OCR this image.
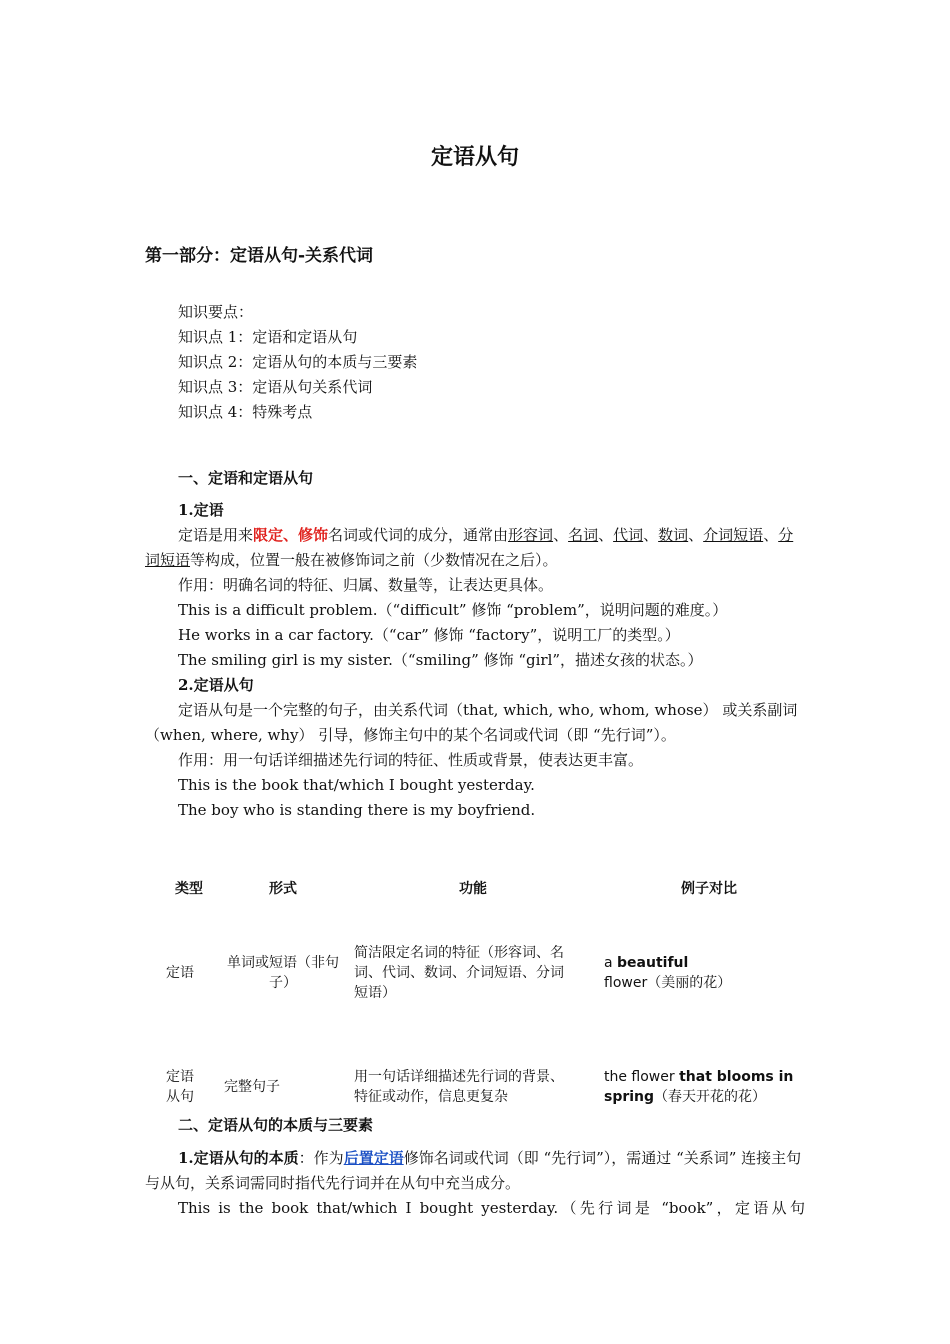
定语从句
第一部分：定语从句-关系代词
知识要点：
知识点 1：定语和定语从句
知识点 2：定语从句的本质与三要素
知识点 3：定语从句关系代词
知识点 4：特殊考点
一、定语和定语从句

1.定语

定语是用来限定、修饰名词或代词的成分，通常由形容词、名词、代词、数词、介词短语、分词短语等构成，位置一般在被修饰词之前（少数情况在之后）。

作用：明确名词的特征、归属、数量等，让表达更具体。

This is a difficult problem.（“difficult” 修饰 “problem”，说明问题的难度。）

He works in a car factory.（“car” 修饰 “factory”，说明工厂的类型。）

The smiling girl is my sister.（“smiling” 修饰 “girl”，描述女孩的状态。）

2.定语从句

定语从句是一个完整的句子，由关系代词（that, which, who, whom, whose） 或关系副词（when, where, why） 引导，修饰主句中的某个名词或代词（即 “先行词”）。

作用：用一句话详细描述先行词的特征、性质或背景，使表达更丰富。

This is the book that/which I bought yesterday.

The boy who is standing there is my boyfriend.

类型	形式	功能	例子对比
定语	单词或短语（非句子）	简洁限定名词的特征（形容词、名词、代词、数词、介词短语、分词短语）	a beautiful flower（美丽的花）
定语从句	完整句子	用一句话详细描述先行词的背景、特征或动作，信息更复杂	the flower that blooms in spring（春天开花的花）
二、定语从句的本质与三要素

1.定语从句的本质：作为后置定语修饰名词或代词（即 “先行词”），需通过 “关系词” 连接主句与从句，关系词需同时指代先行词并在从句中充当成分。

This is the book that/which I bought yesterday.（先行词是 “book”，定语从句
